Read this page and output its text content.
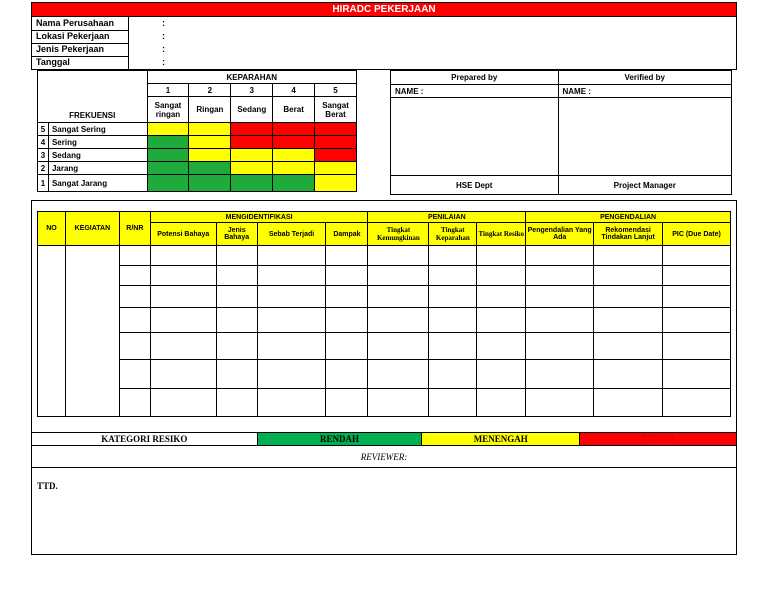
HIRADC PEKERJAAN
Nama Perusahaan	:
Lokasi Pekerjaan	:
Jenis Pekerjaan	:
Tanggal	:
FREKUENSI		KEPARAHAN				
		1	2	3	4	5
		Sangat ringan	Ringan	Sedang	Berat	Sangat Berat
5	Sangat Sering					
4	Sering					
3	Sedang					
2	Jarang					
1	Sangat Jarang					
Prepared by	Verified by
NAME :	NAME :

HSE Dept	Project Manager
NO	KEGIATAN	R/NR	MENGIDENTIFIKASI				PENILAIAN			PENGENDALIAN		
			Potensi Bahaya	Jenis Bahaya	Sebab Terjadi	Dampak	Tingkat Kemungkinan	Tingkat Keparahan	Tingkat Resiko	Pengendalian Yang Ada	Rekomendasi Tindakan Lanjut	PIC (Due Date)

KATEGORI RESIKO	RENDAH	MENENGAH	TINGGI
REVIEWER:
TTD.
